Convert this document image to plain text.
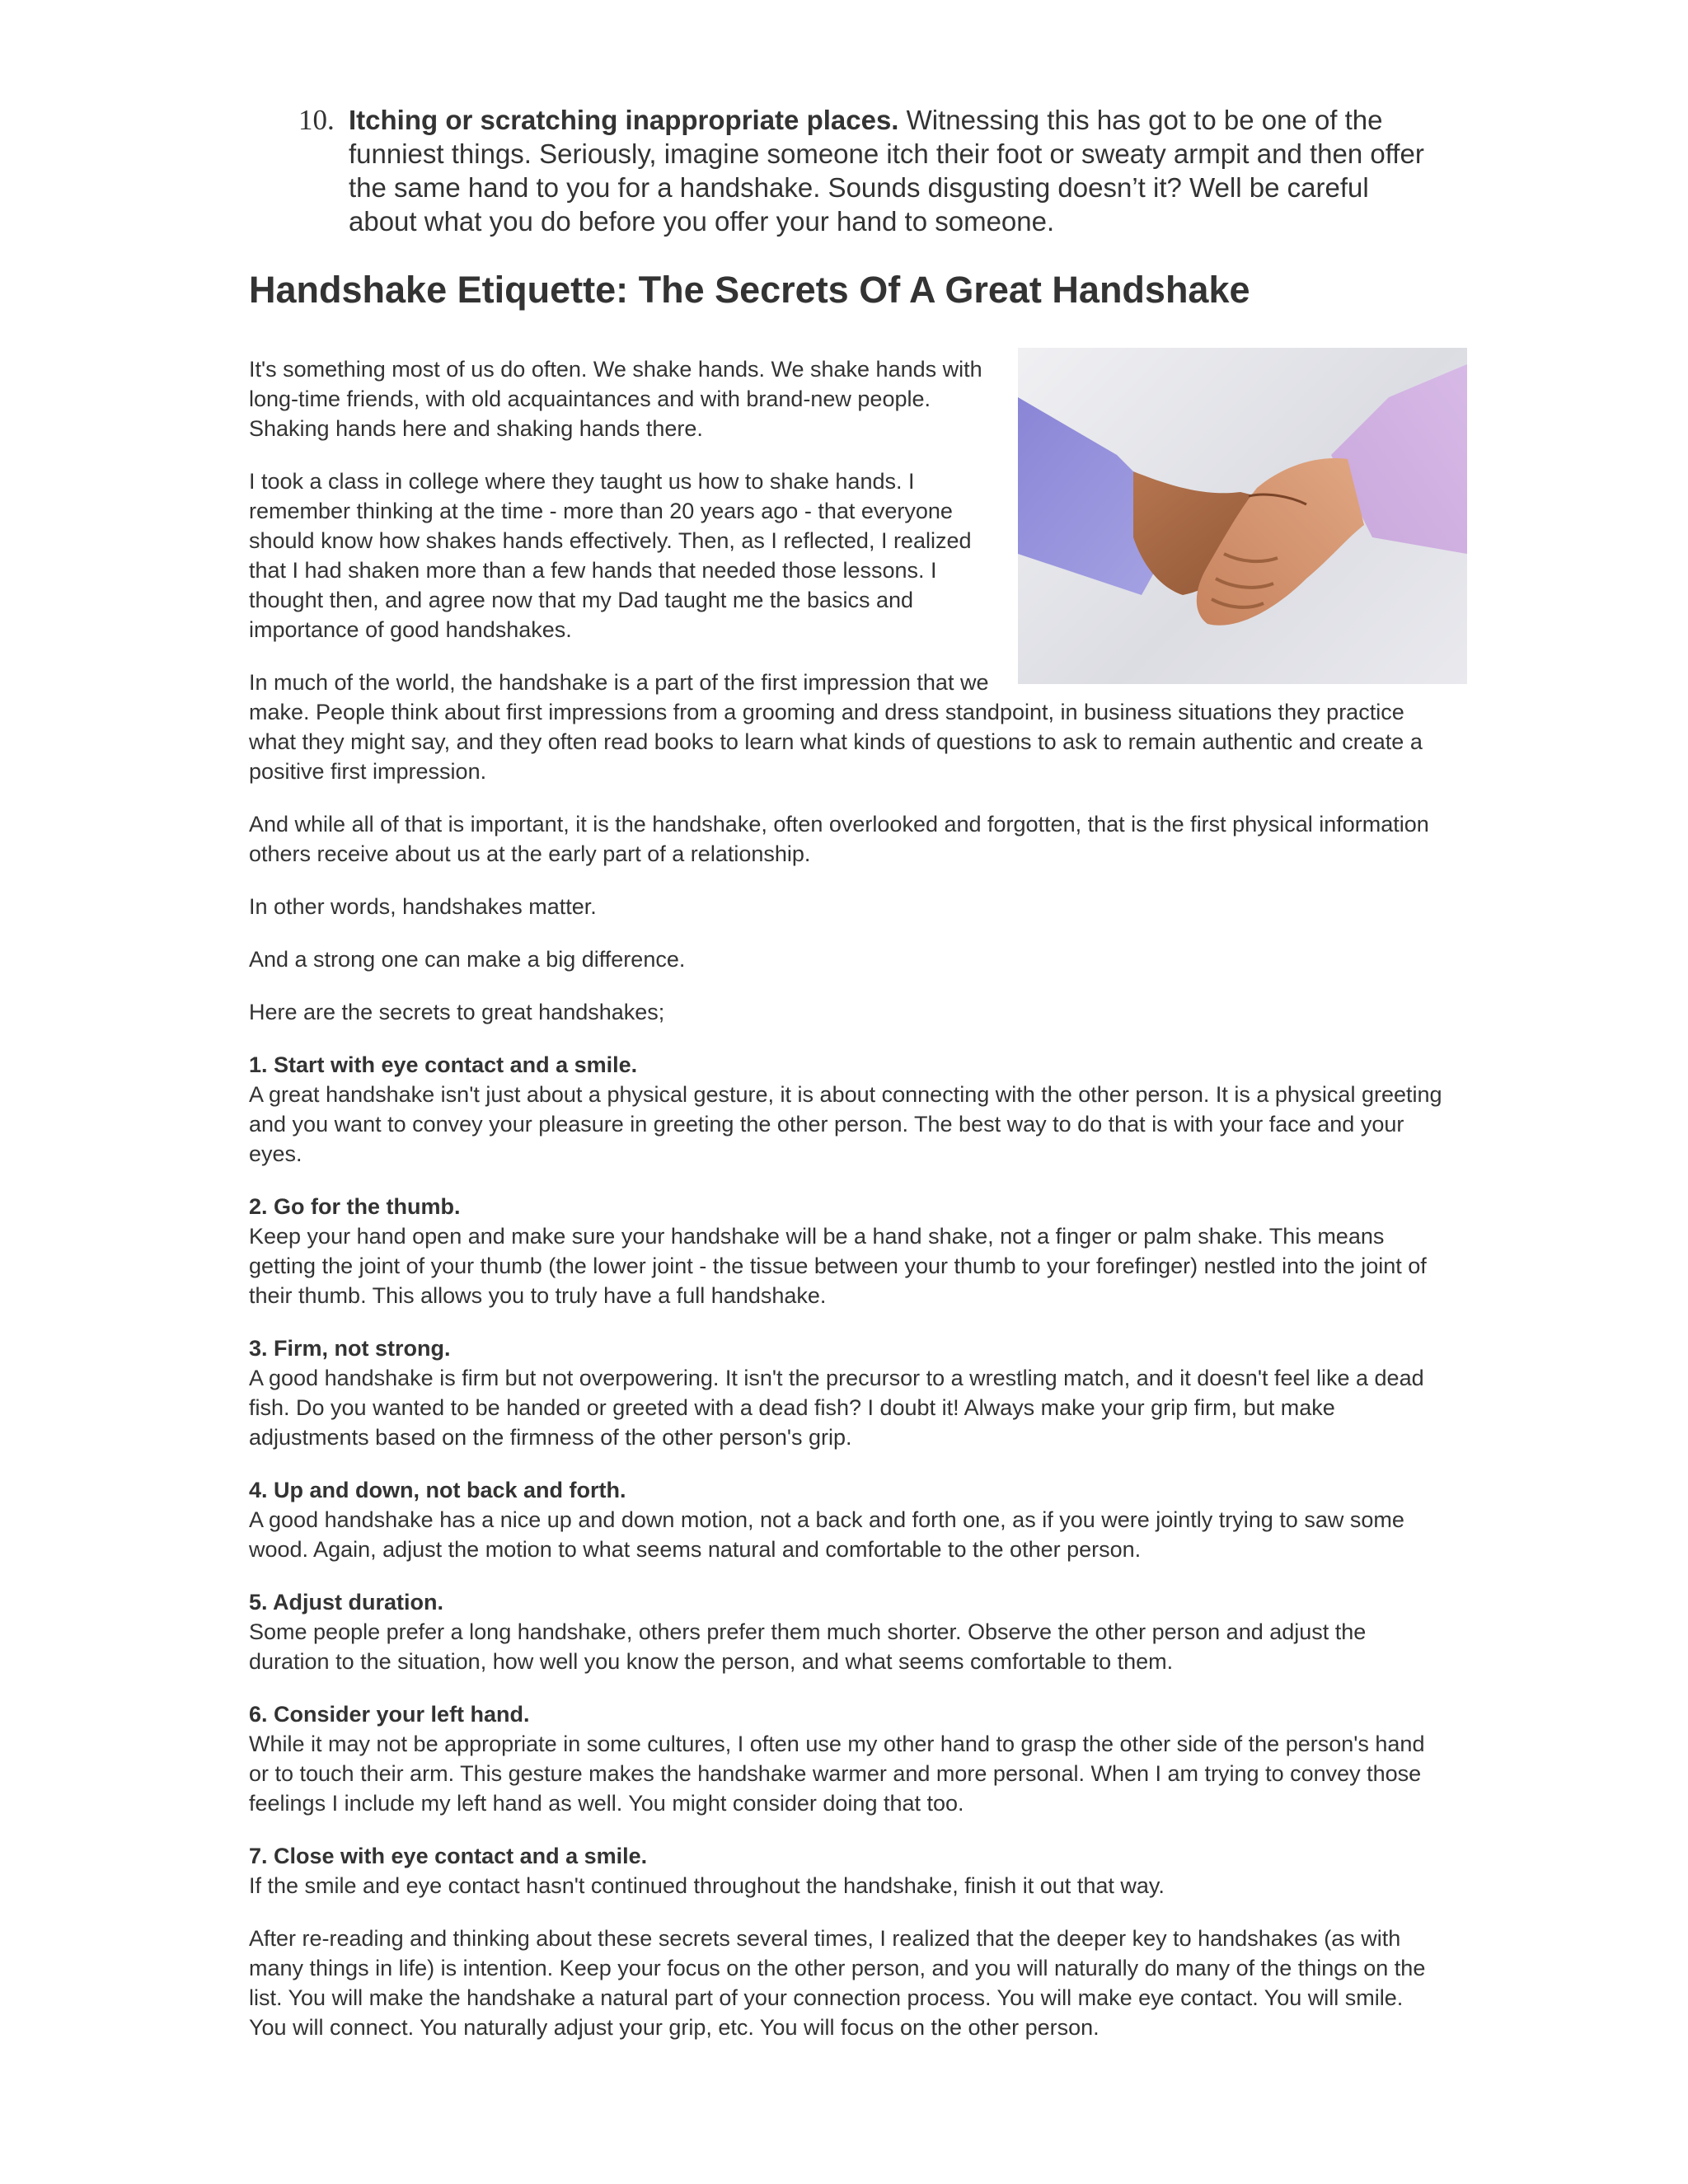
10. Itching or scratching inappropriate places. Witnessing this has got to be one of the funniest things. Seriously, imagine someone itch their foot or sweaty armpit and then offer the same hand to you for a handshake. Sounds disgusting doesn’t it? Well be careful about what you do before you offer your hand to someone.
Handshake Etiquette: The Secrets Of A Great Handshake

It's something most of us do often. We shake hands. We shake hands with long-time friends, with old acquaintances and with brand-new people. Shaking hands here and shaking hands there.

I took a class in college where they taught us how to shake hands. I remember thinking at the time - more than 20 years ago - that everyone should know how shakes hands effectively. Then, as I reflected, I realized that I had shaken more than a few hands that needed those lessons. I thought then, and agree now that my Dad taught me the basics and importance of good handshakes.

In much of the world, the handshake is a part of the first impression that we make. People think about first impressions from a grooming and dress standpoint, in business situations they practice what they might say, and they often read books to learn what kinds of questions to ask to remain authentic and create a positive first impression.

And while all of that is important, it is the handshake, often overlooked and forgotten, that is the first physical information others receive about us at the early part of a relationship.

In other words, handshakes matter.

And a strong one can make a big difference.

Here are the secrets to great handshakes;

1. Start with eye contact and a smile.
A great handshake isn't just about a physical gesture, it is about connecting with the other person. It is a physical greeting and you want to convey your pleasure in greeting the other person. The best way to do that is with your face and your eyes.

2. Go for the thumb.
Keep your hand open and make sure your handshake will be a hand shake, not a finger or palm shake. This means getting the joint of your thumb (the lower joint - the tissue between your thumb to your forefinger) nestled into the joint of their thumb. This allows you to truly have a full handshake.

3. Firm, not strong.
A good handshake is firm but not overpowering. It isn't the precursor to a wrestling match, and it doesn't feel like a dead fish. Do you wanted to be handed or greeted with a dead fish? I doubt it! Always make your grip firm, but make adjustments based on the firmness of the other person's grip.

4. Up and down, not back and forth.
A good handshake has a nice up and down motion, not a back and forth one, as if you were jointly trying to saw some wood. Again, adjust the motion to what seems natural and comfortable to the other person.

5. Adjust duration.
Some people prefer a long handshake, others prefer them much shorter. Observe the other person and adjust the duration to the situation, how well you know the person, and what seems comfortable to them.

6. Consider your left hand.
While it may not be appropriate in some cultures, I often use my other hand to grasp the other side of the person's hand or to touch their arm. This gesture makes the handshake warmer and more personal. When I am trying to convey those feelings I include my left hand as well. You might consider doing that too.

7. Close with eye contact and a smile.
If the smile and eye contact hasn't continued throughout the handshake, finish it out that way.

After re-reading and thinking about these secrets several times, I realized that the deeper key to handshakes (as with many things in life) is intention. Keep your focus on the other person, and you will naturally do many of the things on the list. You will make the handshake a natural part of your connection process. You will make eye contact. You will smile. You will connect. You naturally adjust your grip, etc. You will focus on the other person.
